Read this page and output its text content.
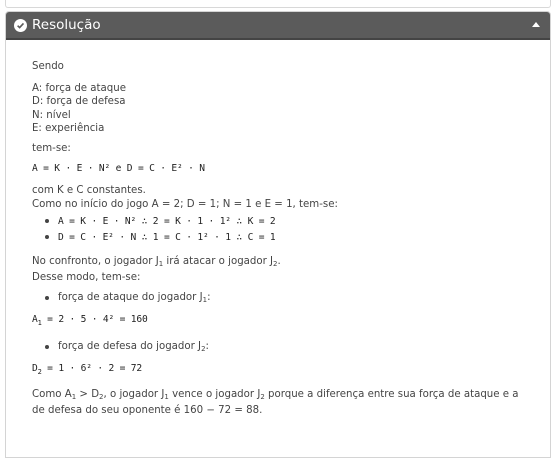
Resolução

Sendo

A: força de ataque

D: força de defesa

N: nível

E: experiência

tem-se:

A = K · E · N² e D = C · E² · N

com K e C constantes.

Como no início do jogo A = 2; D = 1; N = 1 e E = 1, tem-se:

A = K · E · N² ∴ 2 = K · 1 · 1² ∴ K = 2

D = C · E² · N ∴ 1 = C · 1² · 1 ∴ C = 1

No confronto, o jogador $J_1$ irá atacar o jogador $J_2$.

Desse modo, tem-se:

força de ataque do jogador $J_1$:

$A_1 = 2 \cdot 5 \cdot 4^2 = 160$

força de defesa do jogador $J_2$:

$D_2 = 1 \cdot 6^2 \cdot 2 = 72$

Como $A_1 > D_2$, o jogador $J_1$ vence o jogador $J_2$ porque a diferença entre sua força de ataque e a de defesa do seu oponente é 160 − 72 = 88.
